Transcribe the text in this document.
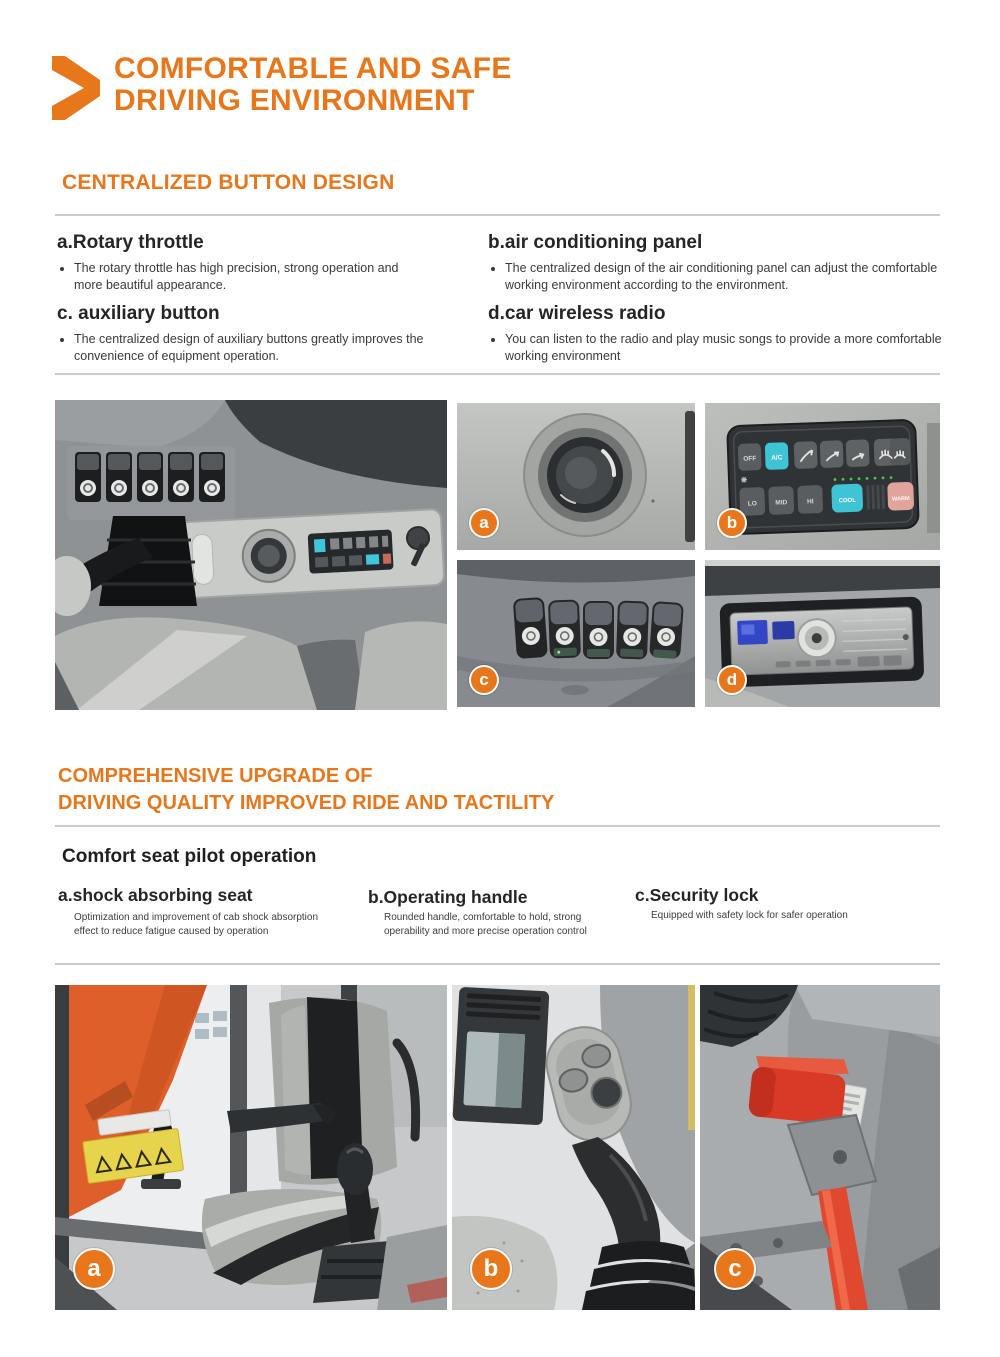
COMFORTABLE AND SAFE
DRIVING ENVIRONMENT
CENTRALIZED BUTTON DESIGN
a.Rotary throttle
• The rotary throttle has high precision, strong operation and more beautiful appearance.
b.air conditioning panel
• The centralized design of the air conditioning panel can adjust the comfortable working environment according to the environment.
c. auxiliary button
• The centralized design of auxiliary buttons greatly improves the convenience of equipment operation.
d.car wireless radio
• You can listen to the radio and play music songs to provide a more comfortable working environment
a
OFF A/C
LO	MID	HI	COOL	WARM
b
c	d
COMPREHENSIVE UPGRADE OF
DRIVING QUALITY IMPROVED RIDE AND TACTILITY
Comfort seat pilot operation
a.shock absorbing seat
Optimization and improvement of cab shock absorption effect to reduce fatigue caused by operation
b.Operating handle
Rounded handle, comfortable to hold, strong operability and more precise operation control
c.Security lock
Equipped with safety lock for safer operation
a	b	c
